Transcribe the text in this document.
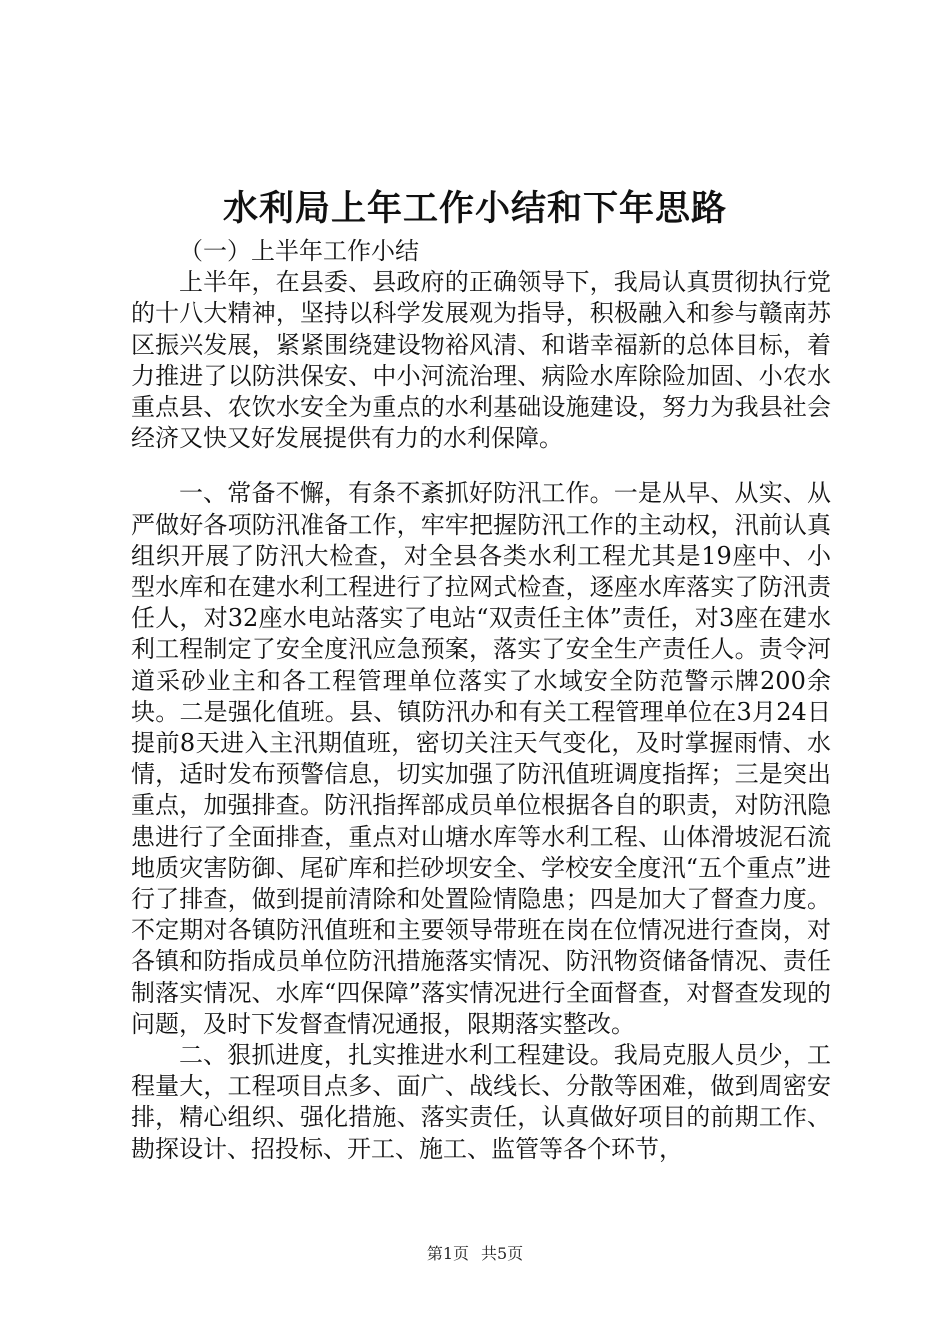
水利局上年工作小结和下年思路

（一）上半年工作小结

上半年，在县委、县政府的正确领导下，我局认真贯彻执行党的十八大精神，坚持以科学发展观为指导，积极融入和参与赣南苏区振兴发展，紧紧围绕建设物裕风清、和谐幸福新的总体目标，着力推进了以防洪保安、中小河流治理、病险水库除险加固、小农水重点县、农饮水安全为重点的水利基础设施建设，努力为我县社会经济又快又好发展提供有力的水利保障。

一、常备不懈，有条不紊抓好防汛工作。一是从早、从实、从严做好各项防汛准备工作，牢牢把握防汛工作的主动权，汛前认真组织开展了防汛大检查，对全县各类水利工程尤其是19座中、小型水库和在建水利工程进行了拉网式检查，逐座水库落实了防汛责任人，对32座水电站落实了电站“双责任主体”责任，对3座在建水利工程制定了安全度汛应急预案，落实了安全生产责任人。责令河道采砂业主和各工程管理单位落实了水域安全防范警示牌200余块。二是强化值班。县、镇防汛办和有关工程管理单位在3月24日提前8天进入主汛期值班，密切关注天气变化，及时掌握雨情、水情，适时发布预警信息，切实加强了防汛值班调度指挥；三是突出重点，加强排查。防汛指挥部成员单位根据各自的职责，对防汛隐患进行了全面排查，重点对山塘水库等水利工程、山体滑坡泥石流地质灾害防御、尾矿库和拦砂坝安全、学校安全度汛“五个重点”进行了排查，做到提前清除和处置险情隐患；四是加大了督查力度。不定期对各镇防汛值班和主要领导带班在岗在位情况进行查岗，对各镇和防指成员单位防汛措施落实情况、防汛物资储备情况、责任制落实情况、水库“四保障”落实情况进行全面督查，对督查发现的问题，及时下发督查情况通报，限期落实整改。

二、狠抓进度，扎实推进水利工程建设。我局克服人员少，工程量大，工程项目点多、面广、战线长、分散等困难，做到周密安排，精心组织、强化措施、落实责任，认真做好项目的前期工作、勘探设计、招投标、开工、施工、监管等各个环节，

第1页 共5页
